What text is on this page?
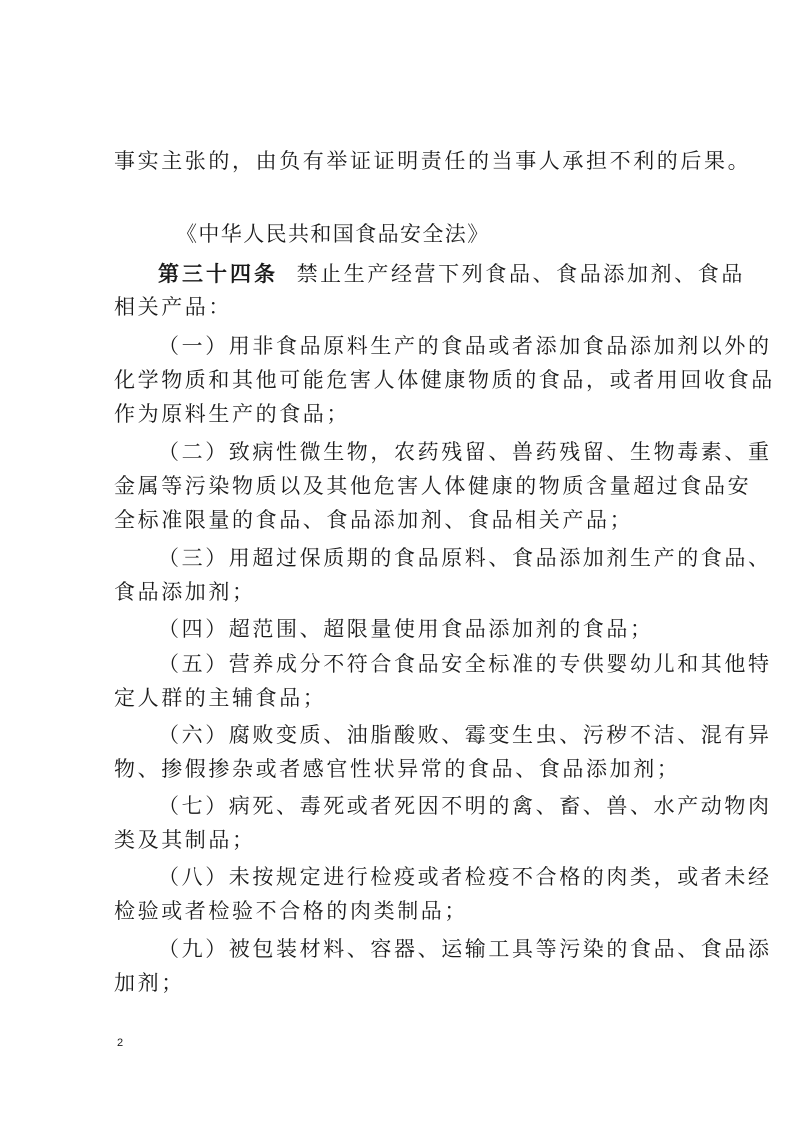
事实主张的，由负有举证证明责任的当事人承担不利的后果。
《中华人民共和国食品安全法》
第三十四条 禁止生产经营下列食品、食品添加剂、食品
相关产品：
（一）用非食品原料生产的食品或者添加食品添加剂以外的
化学物质和其他可能危害人体健康物质的食品，或者用回收食品
作为原料生产的食品；
（二）致病性微生物，农药残留、兽药残留、生物毒素、重
金属等污染物质以及其他危害人体健康的物质含量超过食品安
全标准限量的食品、食品添加剂、食品相关产品；
（三）用超过保质期的食品原料、食品添加剂生产的食品、
食品添加剂；
（四）超范围、超限量使用食品添加剂的食品；
（五）营养成分不符合食品安全标准的专供婴幼儿和其他特
定人群的主辅食品；
（六）腐败变质、油脂酸败、霉变生虫、污秽不洁、混有异
物、掺假掺杂或者感官性状异常的食品、食品添加剂；
（七）病死、毒死或者死因不明的禽、畜、兽、水产动物肉
类及其制品；
（八）未按规定进行检疫或者检疫不合格的肉类，或者未经
检验或者检验不合格的肉类制品；
（九）被包装材料、容器、运输工具等污染的食品、食品添
加剂；
2
